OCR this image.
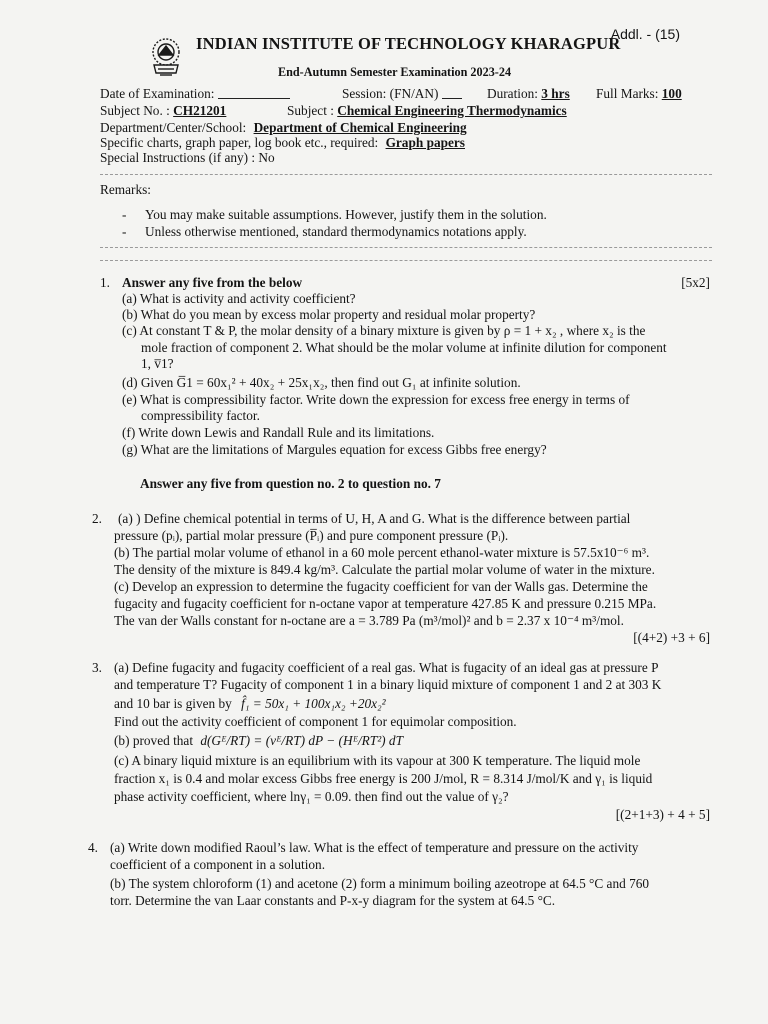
Addl. - (15)
INDIAN INSTITUTE OF TECHNOLOGY KHARAGPUR
End-Autumn Semester Examination 2023-24
Date of Examination:	Session: (FN/AN)	Duration: 3 hrs Full Marks: 100
Subject No. : CH21201	Subject : Chemical Engineering Thermodynamics
Department/Center/School: Department of Chemical Engineering
Specific charts, graph paper, log book etc., required: Graph papers
Special Instructions (if any) : No
Remarks:
- You may make suitable assumptions. However, justify them in the solution.
- Unless otherwise mentioned, standard thermodynamics notations apply.
1. Answer any five from the below	[5x2]
(a) What is activity and activity coefficient?
(b) What do you mean by excess molar property and residual molar property?
(c) At constant T & P, the molar density of a binary mixture is given by ρ = 1 + x₂ , where x₂ is the
mole fraction of component 2. What should be the molar volume at infinite dilution for component
1, v̅1?
(d) Given G̅1 = 60x₁² + 40x₂ + 25x₁x₂, then find out G₁ at infinite solution.
(e) What is compressibility factor. Write down the expression for excess free energy in terms of
compressibility factor.
(f) Write down Lewis and Randall Rule and its limitations.
(g) What are the limitations of Margules equation for excess Gibbs free energy?
Answer any five from question no. 2 to question no. 7
2. (a) ) Define chemical potential in terms of U, H, A and G. What is the difference between partial
pressure (pᵢ), partial molar pressure (P̅ᵢ) and pure component pressure (Pᵢ).
(b) The partial molar volume of ethanol in a 60 mole percent ethanol-water mixture is 57.5x10⁻⁶ m³.
The density of the mixture is 849.4 kg/m³. Calculate the partial molar volume of water in the mixture.
(c) Develop an expression to determine the fugacity coefficient for van der Walls gas. Determine the
fugacity and fugacity coefficient for n-octane vapor at temperature 427.85 K and pressure 0.215 MPa.
The van der Walls constant for n-octane are a = 3.789 Pa (m³/mol)² and b = 2.37 x 10⁻⁴ m³/mol.
[(4+2) +3 + 6]
3. (a) Define fugacity and fugacity coefficient of a real gas. What is fugacity of an ideal gas at pressure P
and temperature T? Fugacity of component 1 in a binary liquid mixture of component 1 and 2 at 303 K
and 10 bar is given by f̂₁ = 50x₁ + 100x₁x₂ +20x₂²
Find out the activity coefficient of component 1 for equimolar composition.
(b) proved that d(Gᴱ/RT) = (vᴱ/RT) dP − (Hᴱ/RT²) dT
(c) A binary liquid mixture is an equilibrium with its vapour at 300 K temperature. The liquid mole
fraction x₁ is 0.4 and molar excess Gibbs free energy is 200 J/mol, R = 8.314 J/mol/K and γ₁ is liquid
phase activity coefficient, where lnγ₁ = 0.09. then find out the value of γ₂?
[(2+1+3) + 4 + 5]
4. (a) Write down modified Raoul’s law. What is the effect of temperature and pressure on the activity
coefficient of a component in a solution.
(b) The system chloroform (1) and acetone (2) form a minimum boiling azeotrope at 64.5 °C and 760
torr. Determine the van Laar constants and P-x-y diagram for the system at 64.5 °C.
